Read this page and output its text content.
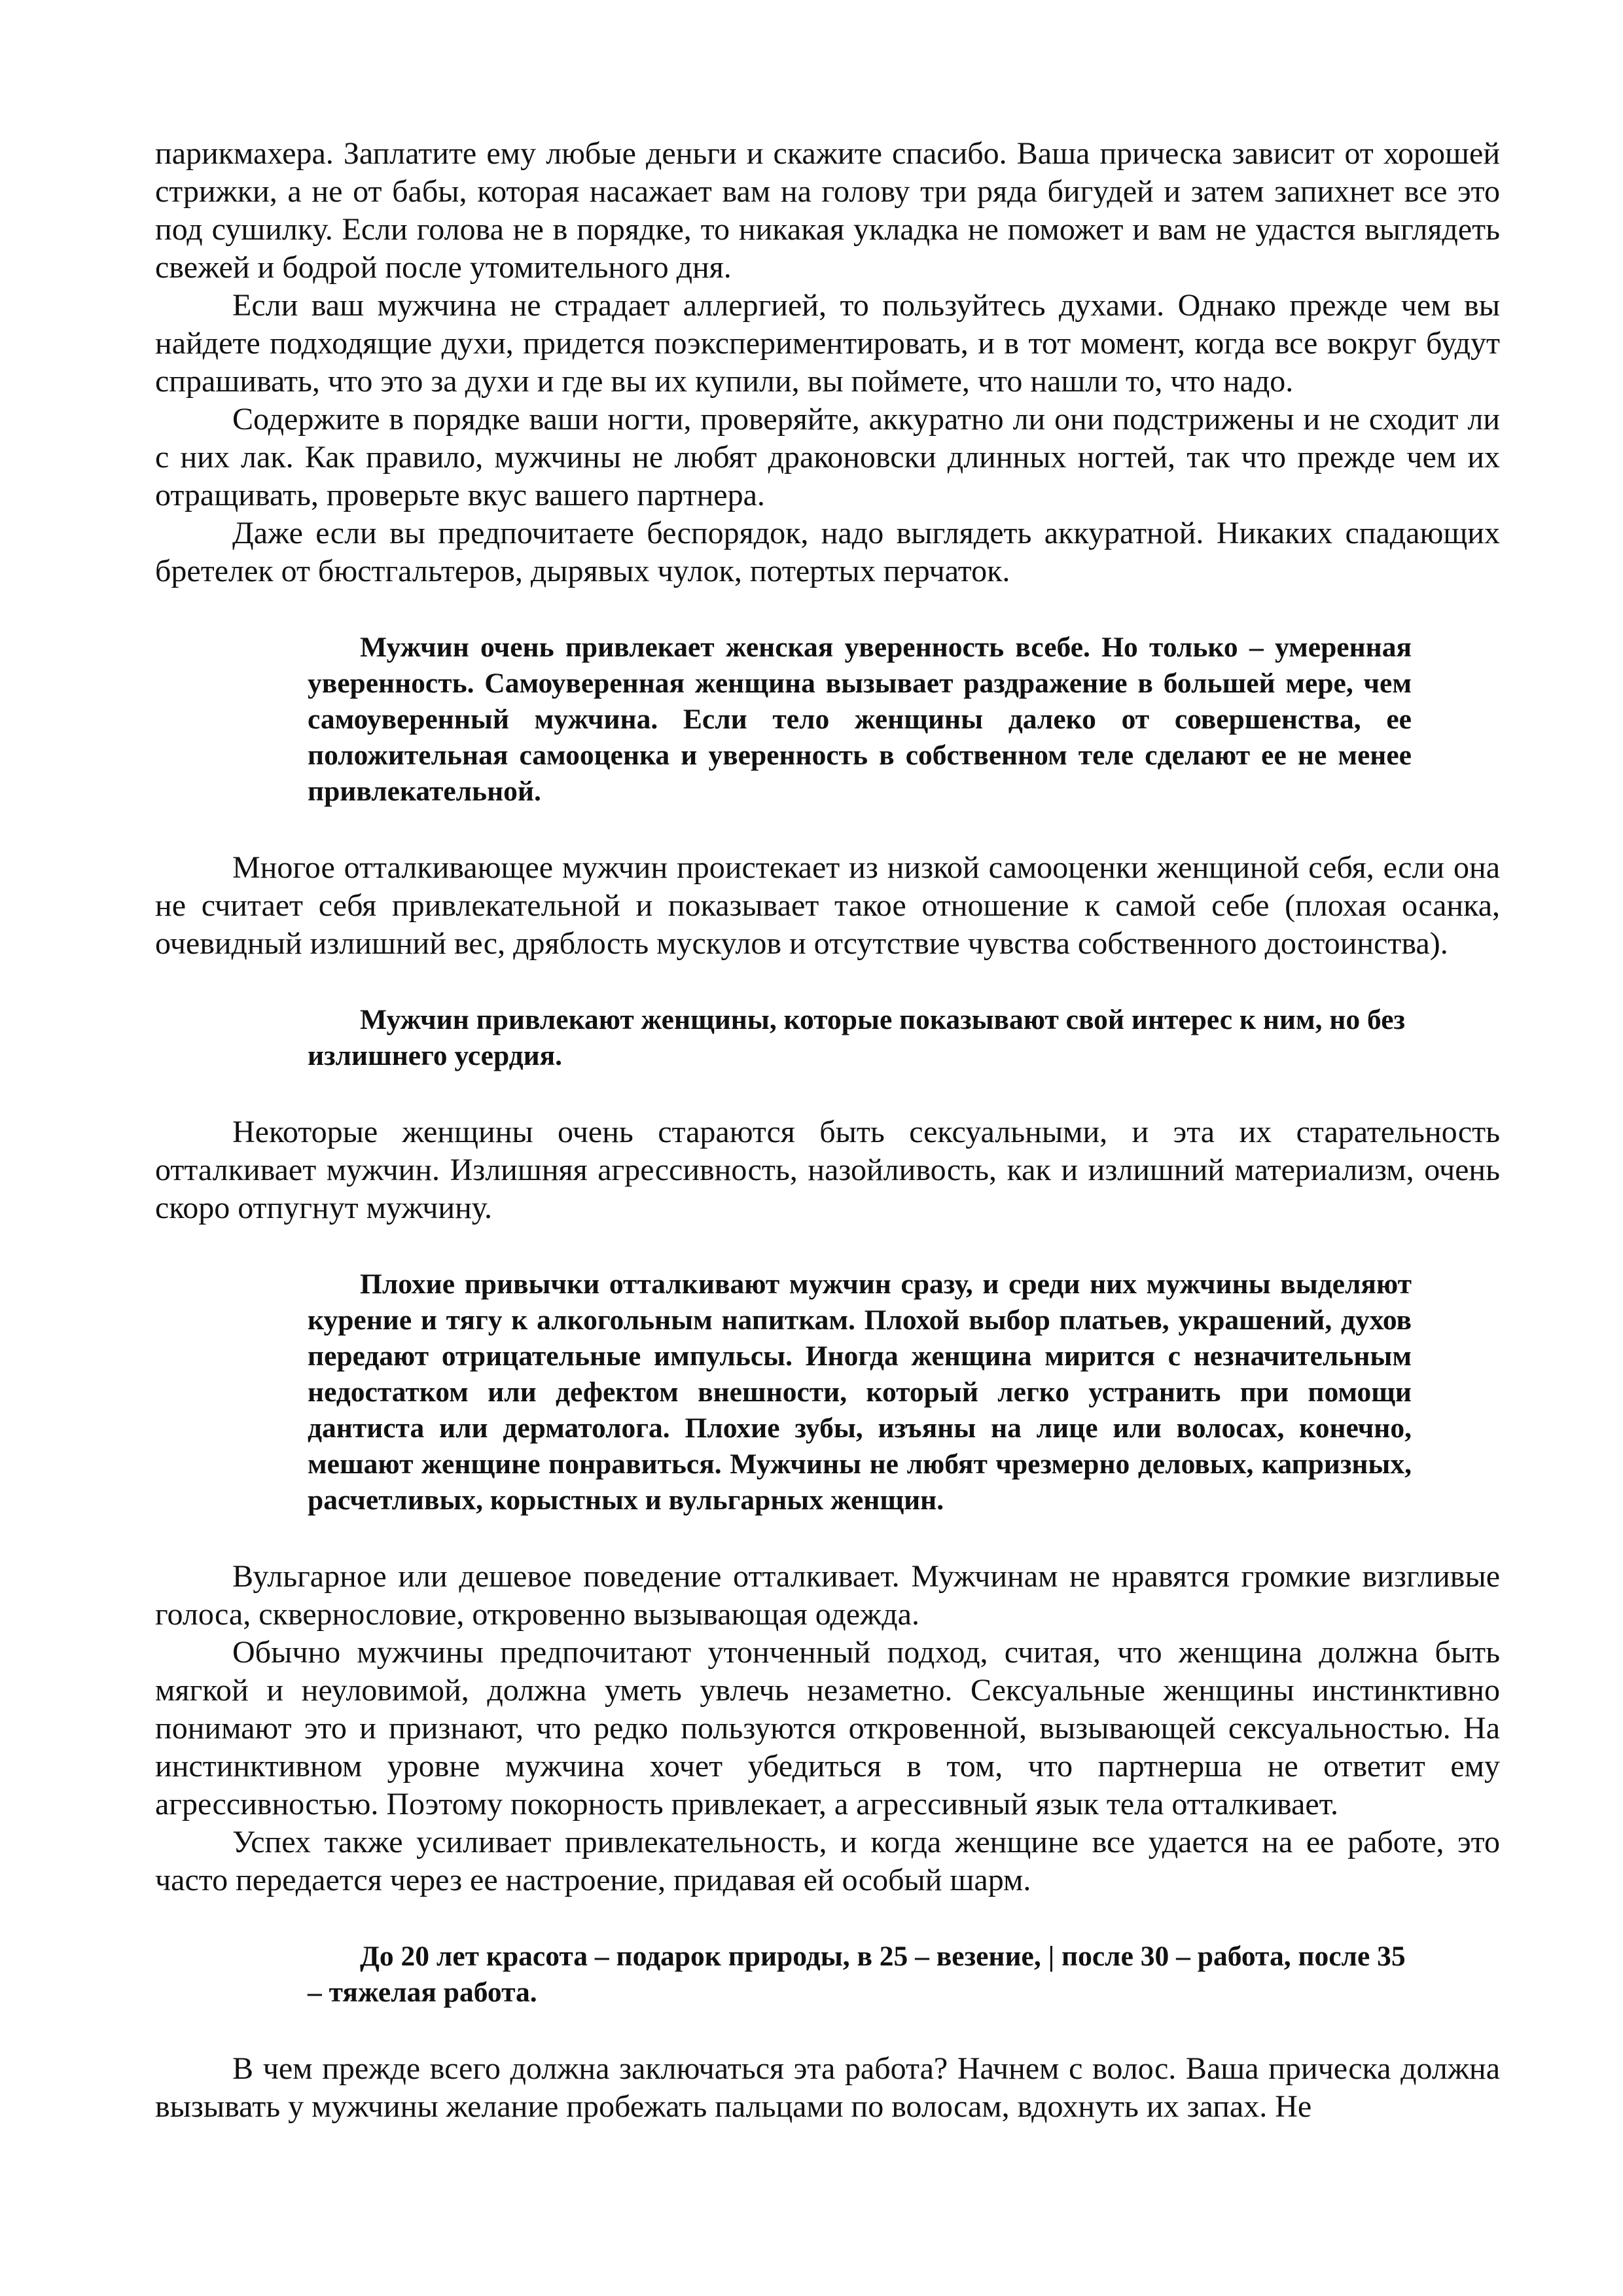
парикмахера. Заплатите ему любые деньги и скажите спасибо. Ваша прическа зависит от хорошей стрижки, а не от бабы, которая насажает вам на голову три ряда бигудей и затем запихнет все это под сушилку. Если голова не в порядке, то никакая укладка не поможет и вам не удастся выглядеть свежей и бодрой после утомительного дня.

Если ваш мужчина не страдает аллергией, то пользуйтесь духами. Однако прежде чем вы найдете подходящие духи, придется поэкспериментировать, и в тот момент, когда все вокруг будут спрашивать, что это за духи и где вы их купили, вы поймете, что нашли то, что надо.

Содержите в порядке ваши ногти, проверяйте, аккуратно ли они подстрижены и не сходит ли с них лак. Как правило, мужчины не любят драконовски длинных ногтей, так что прежде чем их отращивать, проверьте вкус вашего партнера.

Даже если вы предпочитаете беспорядок, надо выглядеть аккуратной. Никаких спадающих бретелек от бюстгальтеров, дырявых чулок, потертых перчаток.

Мужчин очень привлекает женская уверенность всебе. Но только – умеренная уверенность. Самоуверенная женщина вызывает раздражение в большей мере, чем самоуверенный мужчина. Если тело женщины далеко от совершенства, ее положительная самооценка и уверенность в собственном теле сделают ее не менее привлекательной.

Многое отталкивающее мужчин проистекает из низкой самооценки женщиной себя, если она не считает себя привлекательной и показывает такое отношение к самой себе (плохая осанка, очевидный излишний вес, дряблость мускулов и отсутствие чувства собственного достоинства).

Мужчин привлекают женщины, которые показывают свой интерес к ним, но без излишнего усердия.

Некоторые женщины очень стараются быть сексуальными, и эта их старательность отталкивает мужчин. Излишняя агрессивность, назойливость, как и излишний материализм, очень скоро отпугнут мужчину.

Плохие привычки отталкивают мужчин сразу, и среди них мужчины выделяют курение и тягу к алкогольным напиткам. Плохой выбор платьев, украшений, духов передают отрицательные импульсы. Иногда женщина мирится с незначительным недостатком или дефектом внешности, который легко устранить при помощи дантиста или дерматолога. Плохие зубы, изъяны на лице или волосах, конечно, мешают женщине понравиться. Мужчины не любят чрезмерно деловых, капризных, расчетливых, корыстных и вульгарных женщин.

Вульгарное или дешевое поведение отталкивает. Мужчинам не нравятся громкие визгливые голоса, сквернословие, откровенно вызывающая одежда.

Обычно мужчины предпочитают утонченный подход, считая, что женщина должна быть мягкой и неуловимой, должна уметь увлечь незаметно. Сексуальные женщины инстинктивно понимают это и признают, что редко пользуются откровенной, вызывающей сексуальностью. На инстинктивном уровне мужчина хочет убедиться в том, что партнерша не ответит ему агрессивностью. Поэтому покорность привлекает, а агрессивный язык тела отталкивает.

Успех также усиливает привлекательность, и когда женщине все удается на ее работе, это часто передается через ее настроение, придавая ей особый шарм.

До 20 лет красота – подарок природы, в 25 – везение, | после 30 – работа, после 35 – тяжелая работа.

В чем прежде всего должна заключаться эта работа? Начнем с волос. Ваша прическа должна вызывать у мужчины желание пробежать пальцами по волосам, вдохнуть их запах. Не
